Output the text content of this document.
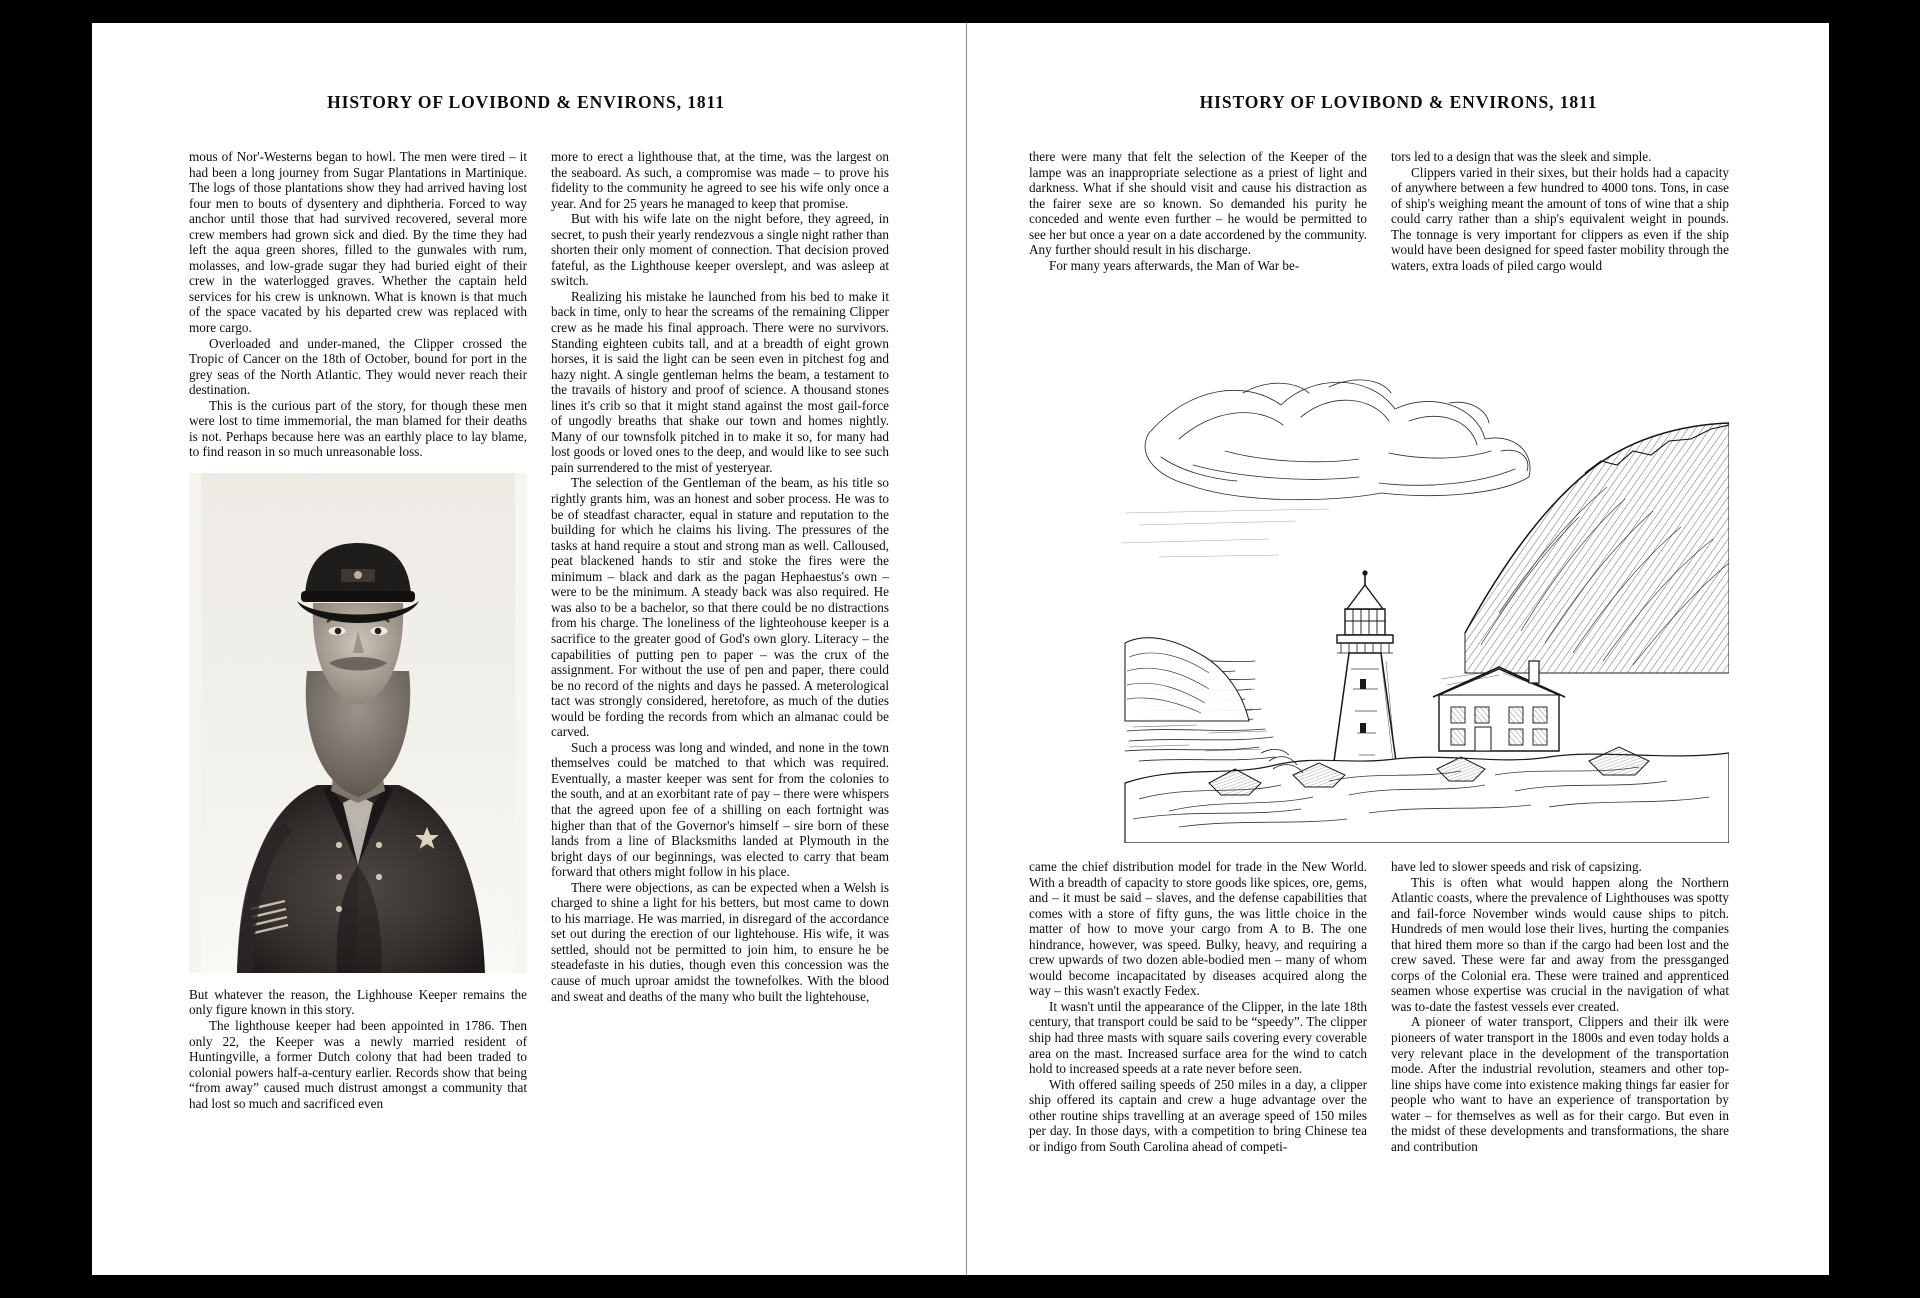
HISTORY OF LOVIBOND & ENVIRONS, 1811

mous of Nor'-Westerns began to howl. The men were tired – it had been a long journey from Sugar Plantations in Martinique. The logs of those plantations show they had arrived having lost four men to bouts of dysentery and diphtheria. Forced to way anchor until those that had survived recovered, several more crew members had grown sick and died. By the time they had left the aqua green shores, filled to the gunwales with rum, molasses, and low-grade sugar they had buried eight of their crew in the waterlogged graves. Whether the captain held services for his crew is unknown. What is known is that much of the space vacated by his departed crew was replaced with more cargo.

Overloaded and under-maned, the Clipper crossed the Tropic of Cancer on the 18th of October, bound for port in the grey seas of the North Atlantic. They would never reach their destination.

This is the curious part of the story, for though these men were lost to time immemorial, the man blamed for their deaths is not. Perhaps because here was an earthly place to lay blame, to find reason in so much unreasonable loss.

But whatever the reason, the Lighhouse Keeper remains the only figure known in this story.

The lighthouse keeper had been appointed in 1786. Then only 22, the Keeper was a newly married resident of Huntingville, a former Dutch colony that had been traded to colonial powers half-a-century earlier. Records show that being “from away” caused much distrust amongst a community that had lost so much and sacrificed even

more to erect a lighthouse that, at the time, was the largest on the seaboard. As such, a compromise was made – to prove his fidelity to the community he agreed to see his wife only once a year. And for 25 years he managed to keep that promise.

But with his wife late on the night before, they agreed, in secret, to push their yearly rendezvous a single night rather than shorten their only moment of connection. That decision proved fateful, as the Lighthouse keeper overslept, and was asleep at switch.

Realizing his mistake he launched from his bed to make it back in time, only to hear the screams of the remaining Clipper crew as he made his final approach. There were no survivors. Standing eighteen cubits tall, and at a breadth of eight grown horses, it is said the light can be seen even in pitchest fog and hazy night. A single gentleman helms the beam, a testament to the travails of history and proof of science. A thousand stones lines it's crib so that it might stand against the most gail-force of ungodly breaths that shake our town and homes nightly. Many of our townsfolk pitched in to make it so, for many had lost goods or loved ones to the deep, and would like to see such pain surrendered to the mist of yesteryear.

The selection of the Gentleman of the beam, as his title so rightly grants him, was an honest and sober process. He was to be of steadfast character, equal in stature and reputation to the building for which he claims his living. The pressures of the tasks at hand require a stout and strong man as well. Calloused, peat blackened hands to stir and stoke the fires were the minimum – black and dark as the pagan Hephaestus's own – were to be the minimum. A steady back was also required. He was also to be a bachelor, so that there could be no distractions from his charge. The loneliness of the lighteohouse keeper is a sacrifice to the greater good of God's own glory. Literacy – the capabilities of putting pen to paper – was the crux of the assignment. For without the use of pen and paper, there could be no record of the nights and days he passed. A meterological tact was strongly considered, heretofore, as much of the duties would be fording the records from which an almanac could be carved.

Such a process was long and winded, and none in the town themselves could be matched to that which was required. Eventually, a master keeper was sent for from the colonies to the south, and at an exorbitant rate of pay – there were whispers that the agreed upon fee of a shilling on each fortnight was higher than that of the Governor's himself – sire born of these lands from a line of Blacksmiths landed at Plymouth in the bright days of our beginnings, was elected to carry that beam forward that others might follow in his place.

There were objections, as can be expected when a Welsh is charged to shine a light for his betters, but most came to down to his marriage. He was married, in disregard of the accordance set out during the erection of our lightehouse. His wife, it was settled, should not be permitted to join him, to ensure he be steadefaste in his duties, though even this concession was the cause of much uproar amidst the townefolkes. With the blood and sweat and deaths of the many who built the lightehouse,

HISTORY OF LOVIBOND & ENVIRONS, 1811

there were many that felt the selection of the Keeper of the lampe was an inappropriate selectione as a priest of light and darkness. What if she should visit and cause his distraction as the fairer sexe are so known. So demanded his purity he conceded and wente even further – he would be permitted to see her but once a year on a date accordened by the community. Any further should result in his discharge.

For many years afterwards, the Man of War be-

tors led to a design that was the sleek and simple.

Clippers varied in their sixes, but their holds had a capacity of anywhere between a few hundred to 4000 tons. Tons, in case of ship's weighing meant the amount of tons of wine that a ship could carry rather than a ship's equivalent weight in pounds. The tonnage is very important for clippers as even if the ship would have been designed for speed faster mobility through the waters, extra loads of piled cargo would

came the chief distribution model for trade in the New World. With a breadth of capacity to store goods like spices, ore, gems, and – it must be said – slaves, and the defense capabilities that comes with a store of fifty guns, the was little choice in the matter of how to move your cargo from A to B. The one hindrance, however, was speed. Bulky, heavy, and requiring a crew upwards of two dozen able-bodied men – many of whom would become incapacitated by diseases acquired along the way – this wasn't exactly Fedex.

It wasn't until the appearance of the Clipper, in the late 18th century, that transport could be said to be “speedy”. The clipper ship had three masts with square sails covering every coverable area on the mast. Increased surface area for the wind to catch hold to increased speeds at a rate never before seen.

With offered sailing speeds of 250 miles in a day, a clipper ship offered its captain and crew a huge advantage over the other routine ships travelling at an average speed of 150 miles per day. In those days, with a competition to bring Chinese tea or indigo from South Carolina ahead of competi-

have led to slower speeds and risk of capsizing.

This is often what would happen along the Northern Atlantic coasts, where the prevalence of Lighthouses was spotty and fail-force November winds would cause ships to pitch. Hundreds of men would lose their lives, hurting the companies that hired them more so than if the cargo had been lost and the crew saved. These were far and away from the pressganged corps of the Colonial era. These were trained and apprenticed seamen whose expertise was crucial in the navigation of what was to-date the fastest vessels ever created.

A pioneer of water transport, Clippers and their ilk were pioneers of water transport in the 1800s and even today holds a very relevant place in the development of the transportation mode. After the industrial revolution, steamers and other top-line ships have come into existence making things far easier for people who want to have an experience of transportation by water – for themselves as well as for their cargo. But even in the midst of these developments and transformations, the share and contribution
